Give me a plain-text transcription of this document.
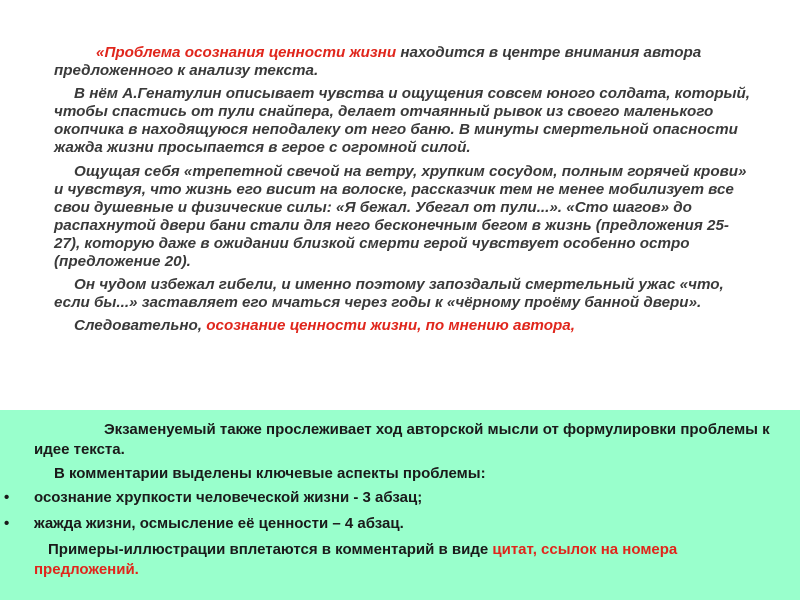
«Проблема осознания ценности жизни находится в центре внимания автора предложенного к анализу текста.

В нём А.Генатулин описывает чувства и ощущения совсем юного солдата, который, чтобы спастись от пули снайпера, делает отчаянный рывок из своего маленького окопчика в находящуюся неподалеку от него баню. В минуты смертельной опасности жажда жизни просыпается в герое с огромной силой.

Ощущая себя «трепетной свечой на ветру, хрупким сосудом, полным горячей крови» и чувствуя, что жизнь его висит на волоске, рассказчик тем не менее мобилизует все свои душевные и физические силы: «Я бежал. Убегал от пули...». «Сто шагов» до распахнутой двери бани стали для него бесконечным бегом в жизнь (предложения 25-27), которую даже в ожидании близкой смерти герой чувствует особенно остро (предложение 20).

Он чудом избежал гибели, и именно поэтому запоздалый смертельный ужас «что, если бы...» заставляет его мчаться через годы к «чёрному проёму банной двери».

Следовательно, осознание ценности жизни, по мнению автора,

Экзаменуемый также прослеживает ход авторской мысли от формулировки проблемы к идее текста.

В комментарии выделены ключевые аспекты проблемы:

• осознание хрупкости человеческой жизни - 3 абзац;
• жажда жизни, осмысление её ценности – 4 абзац.

Примеры-иллюстрации вплетаются в комментарий в виде цитат, ссылок на номера предложений.
